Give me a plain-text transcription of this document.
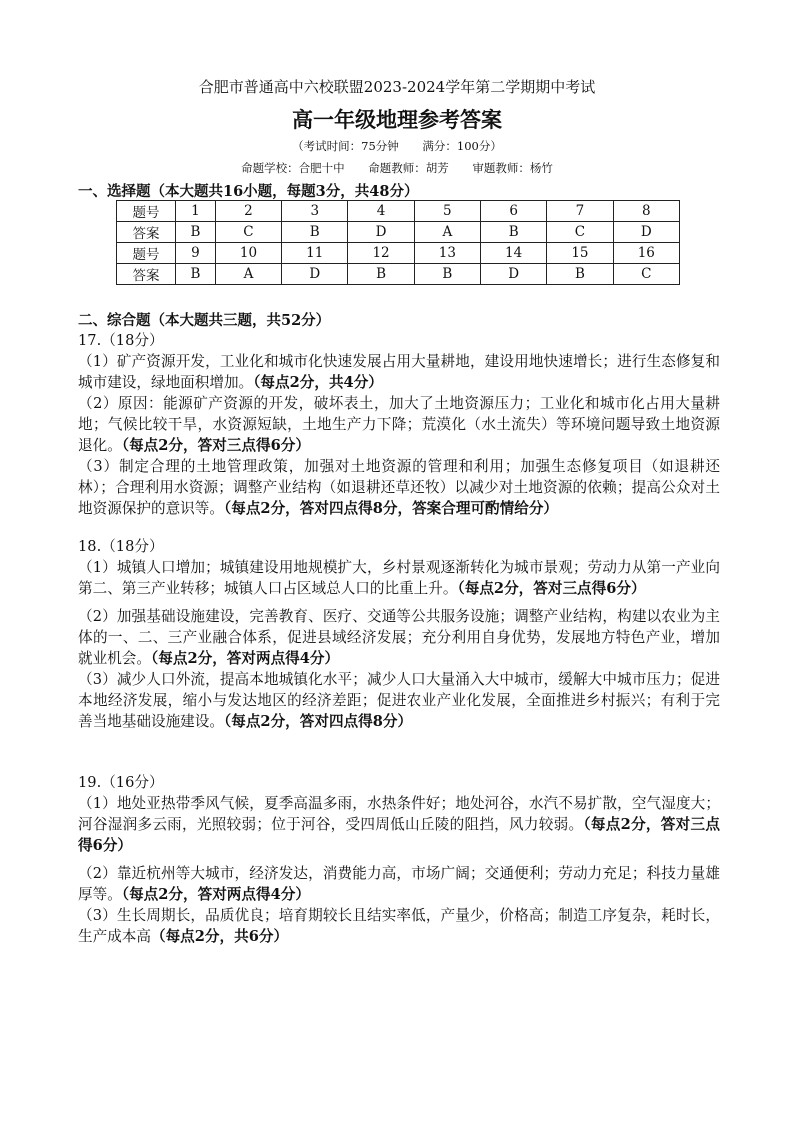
合肥市普通高中六校联盟2023-2024学年第二学期期中考试
高一年级地理参考答案
（考试时间：75分钟 满分：100分）
命题学校：合肥十中 命题教师：胡芳 审题教师：杨竹
一、选择题（本大题共16小题，每题3分，共48分）
题号	1	2	3	4	5	6	7	8
答案	B	C	B	D	A	B	C	D
题号	9	10	11	12	13	14	15	16
答案	B	A	D	B	B	D	B	C
二、综合题（本大题共三题，共52分）
17.（18分）

（1）矿产资源开发，工业化和城市化快速发展占用大量耕地，建设用地快速增长；进行生态修复和城市建设，绿地面积增加。（每点2分，共4分）

（2）原因：能源矿产资源的开发，破坏表土，加大了土地资源压力；工业化和城市化占用大量耕地；气候比较干旱，水资源短缺，土地生产力下降；荒漠化（水土流失）等环境问题导致土地资源退化。（每点2分，答对三点得6分）

（3）制定合理的土地管理政策，加强对土地资源的管理和利用；加强生态修复项目（如退耕还林）；合理利用水资源；调整产业结构（如退耕还草还牧）以减少对土地资源的依赖；提高公众对土地资源保护的意识等。（每点2分，答对四点得8分，答案合理可酌情给分）

18.（18分）

（1）城镇人口增加；城镇建设用地规模扩大，乡村景观逐渐转化为城市景观；劳动力从第一产业向第二、第三产业转移；城镇人口占区域总人口的比重上升。（每点2分，答对三点得6分）

（2）加强基础设施建设，完善教育、医疗、交通等公共服务设施；调整产业结构，构建以农业为主体的一、二、三产业融合体系，促进县域经济发展；充分利用自身优势，发展地方特色产业，增加就业机会。（每点2分，答对两点得4分）

（3）减少人口外流，提高本地城镇化水平；减少人口大量涌入大中城市，缓解大中城市压力；促进本地经济发展，缩小与发达地区的经济差距；促进农业产业化发展，全面推进乡村振兴；有利于完善当地基础设施建设。（每点2分，答对四点得8分）

19.（16分）

（1）地处亚热带季风气候，夏季高温多雨，水热条件好；地处河谷，水汽不易扩散，空气湿度大；河谷湿润多云雨，光照较弱；位于河谷，受四周低山丘陵的阻挡，风力较弱。（每点2分，答对三点得6分）

（2）靠近杭州等大城市，经济发达，消费能力高，市场广阔；交通便利；劳动力充足；科技力量雄厚等。（每点2分，答对两点得4分）

（3）生长周期长，品质优良；培育期较长且结实率低，产量少，价格高；制造工序复杂，耗时长，生产成本高（每点2分，共6分）
